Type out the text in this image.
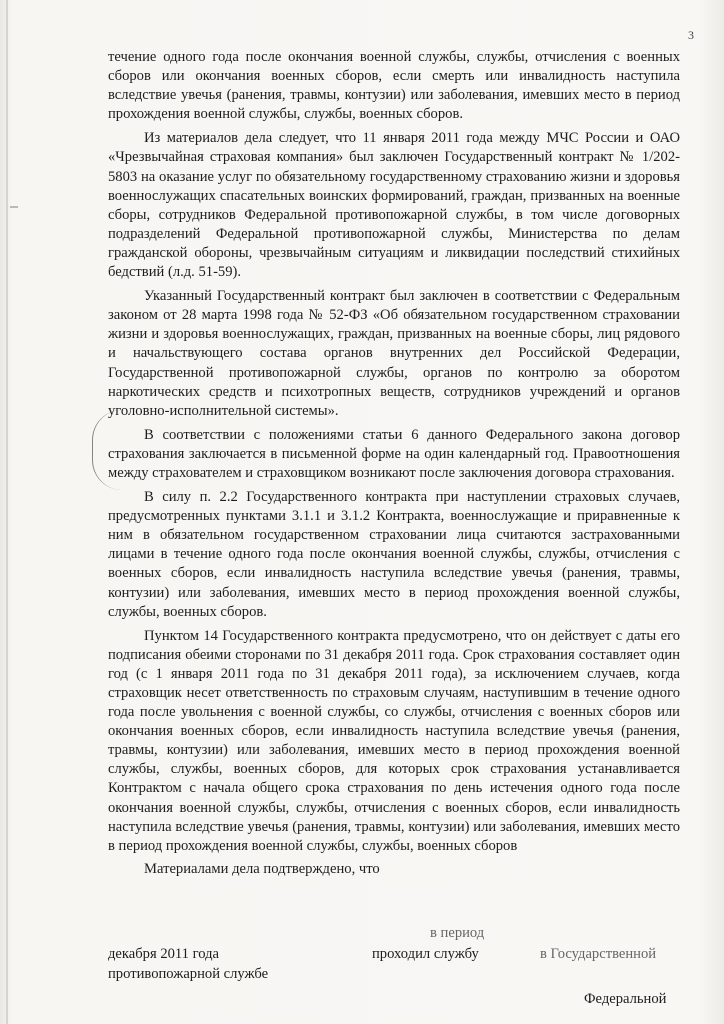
3

течение одного года после окончания военной службы, службы, отчисления с военных сборов или окончания военных сборов, если смерть или инвалидность наступила вследствие увечья (ранения, травмы, контузии) или заболевания, имевших место в период прохождения военной службы, службы, военных сборов.

Из материалов дела следует, что 11 января 2011 года между МЧС России и ОАО «Чрезвычайная страховая компания» был заключен Государственный контракт № 1/202-5803 на оказание услуг по обязательному государственному страхованию жизни и здоровья военнослужащих спасательных воинских формирований, граждан, призванных на военные сборы, сотрудников Федеральной противопожарной службы, в том числе договорных подразделений Федеральной противопожарной службы, Министерства по делам гражданской обороны, чрезвычайным ситуациям и ликвидации последствий стихийных бедствий (л.д. 51-59).

Указанный Государственный контракт был заключен в соответствии с Федеральным законом от 28 марта 1998 года № 52-ФЗ «Об обязательном государственном страховании жизни и здоровья военнослужащих, граждан, призванных на военные сборы, лиц рядового и начальствующего состава органов внутренних дел Российской Федерации, Государственной противопожарной службы, органов по контролю за оборотом наркотических средств и психотропных веществ, сотрудников учреждений и органов уголовно-исполнительной системы».

В соответствии с положениями статьи 6 данного Федерального закона договор страхования заключается в письменной форме на один календарный год. Правоотношения между страхователем и страховщиком возникают после заключения договора страхования.

В силу п. 2.2 Государственного контракта при наступлении страховых случаев, предусмотренных пунктами 3.1.1 и 3.1.2 Контракта, военнослужащие и приравненные к ним в обязательном государственном страховании лица считаются застрахованными лицами в течение одного года после окончания военной службы, службы, отчисления с военных сборов, если инвалидность наступила вследствие увечья (ранения, травмы, контузии) или заболевания, имевших место в период прохождения военной службы, службы, военных сборов.

Пунктом 14 Государственного контракта предусмотрено, что он действует с даты его подписания обеими сторонами по 31 декабря 2011 года. Срок страхования составляет один год (с 1 января 2011 года по 31 декабря 2011 года), за исключением случаев, когда страховщик несет ответственность по страховым случаям, наступившим в течение одного года после увольнения с военной службы, со службы, отчисления с военных сборов или окончания военных сборов, если инвалидность наступила вследствие увечья (ранения, травмы, контузии) или заболевания, имевших место в период прохождения военной службы, службы, военных сборов, для которых срок страхования устанавливается Контрактом с начала общего срока страхования по день истечения одного года после окончания военной службы, службы, отчисления с военных сборов, если инвалидность наступила вследствие увечья (ранения, травмы, контузии) или заболевания, имевших место в период прохождения военной службы, службы, военных сборов

Материалами дела подтверждено, что

в период
декабря 2011 года	проходил службу	в Государственной
противопожарной службе
Федеральной
